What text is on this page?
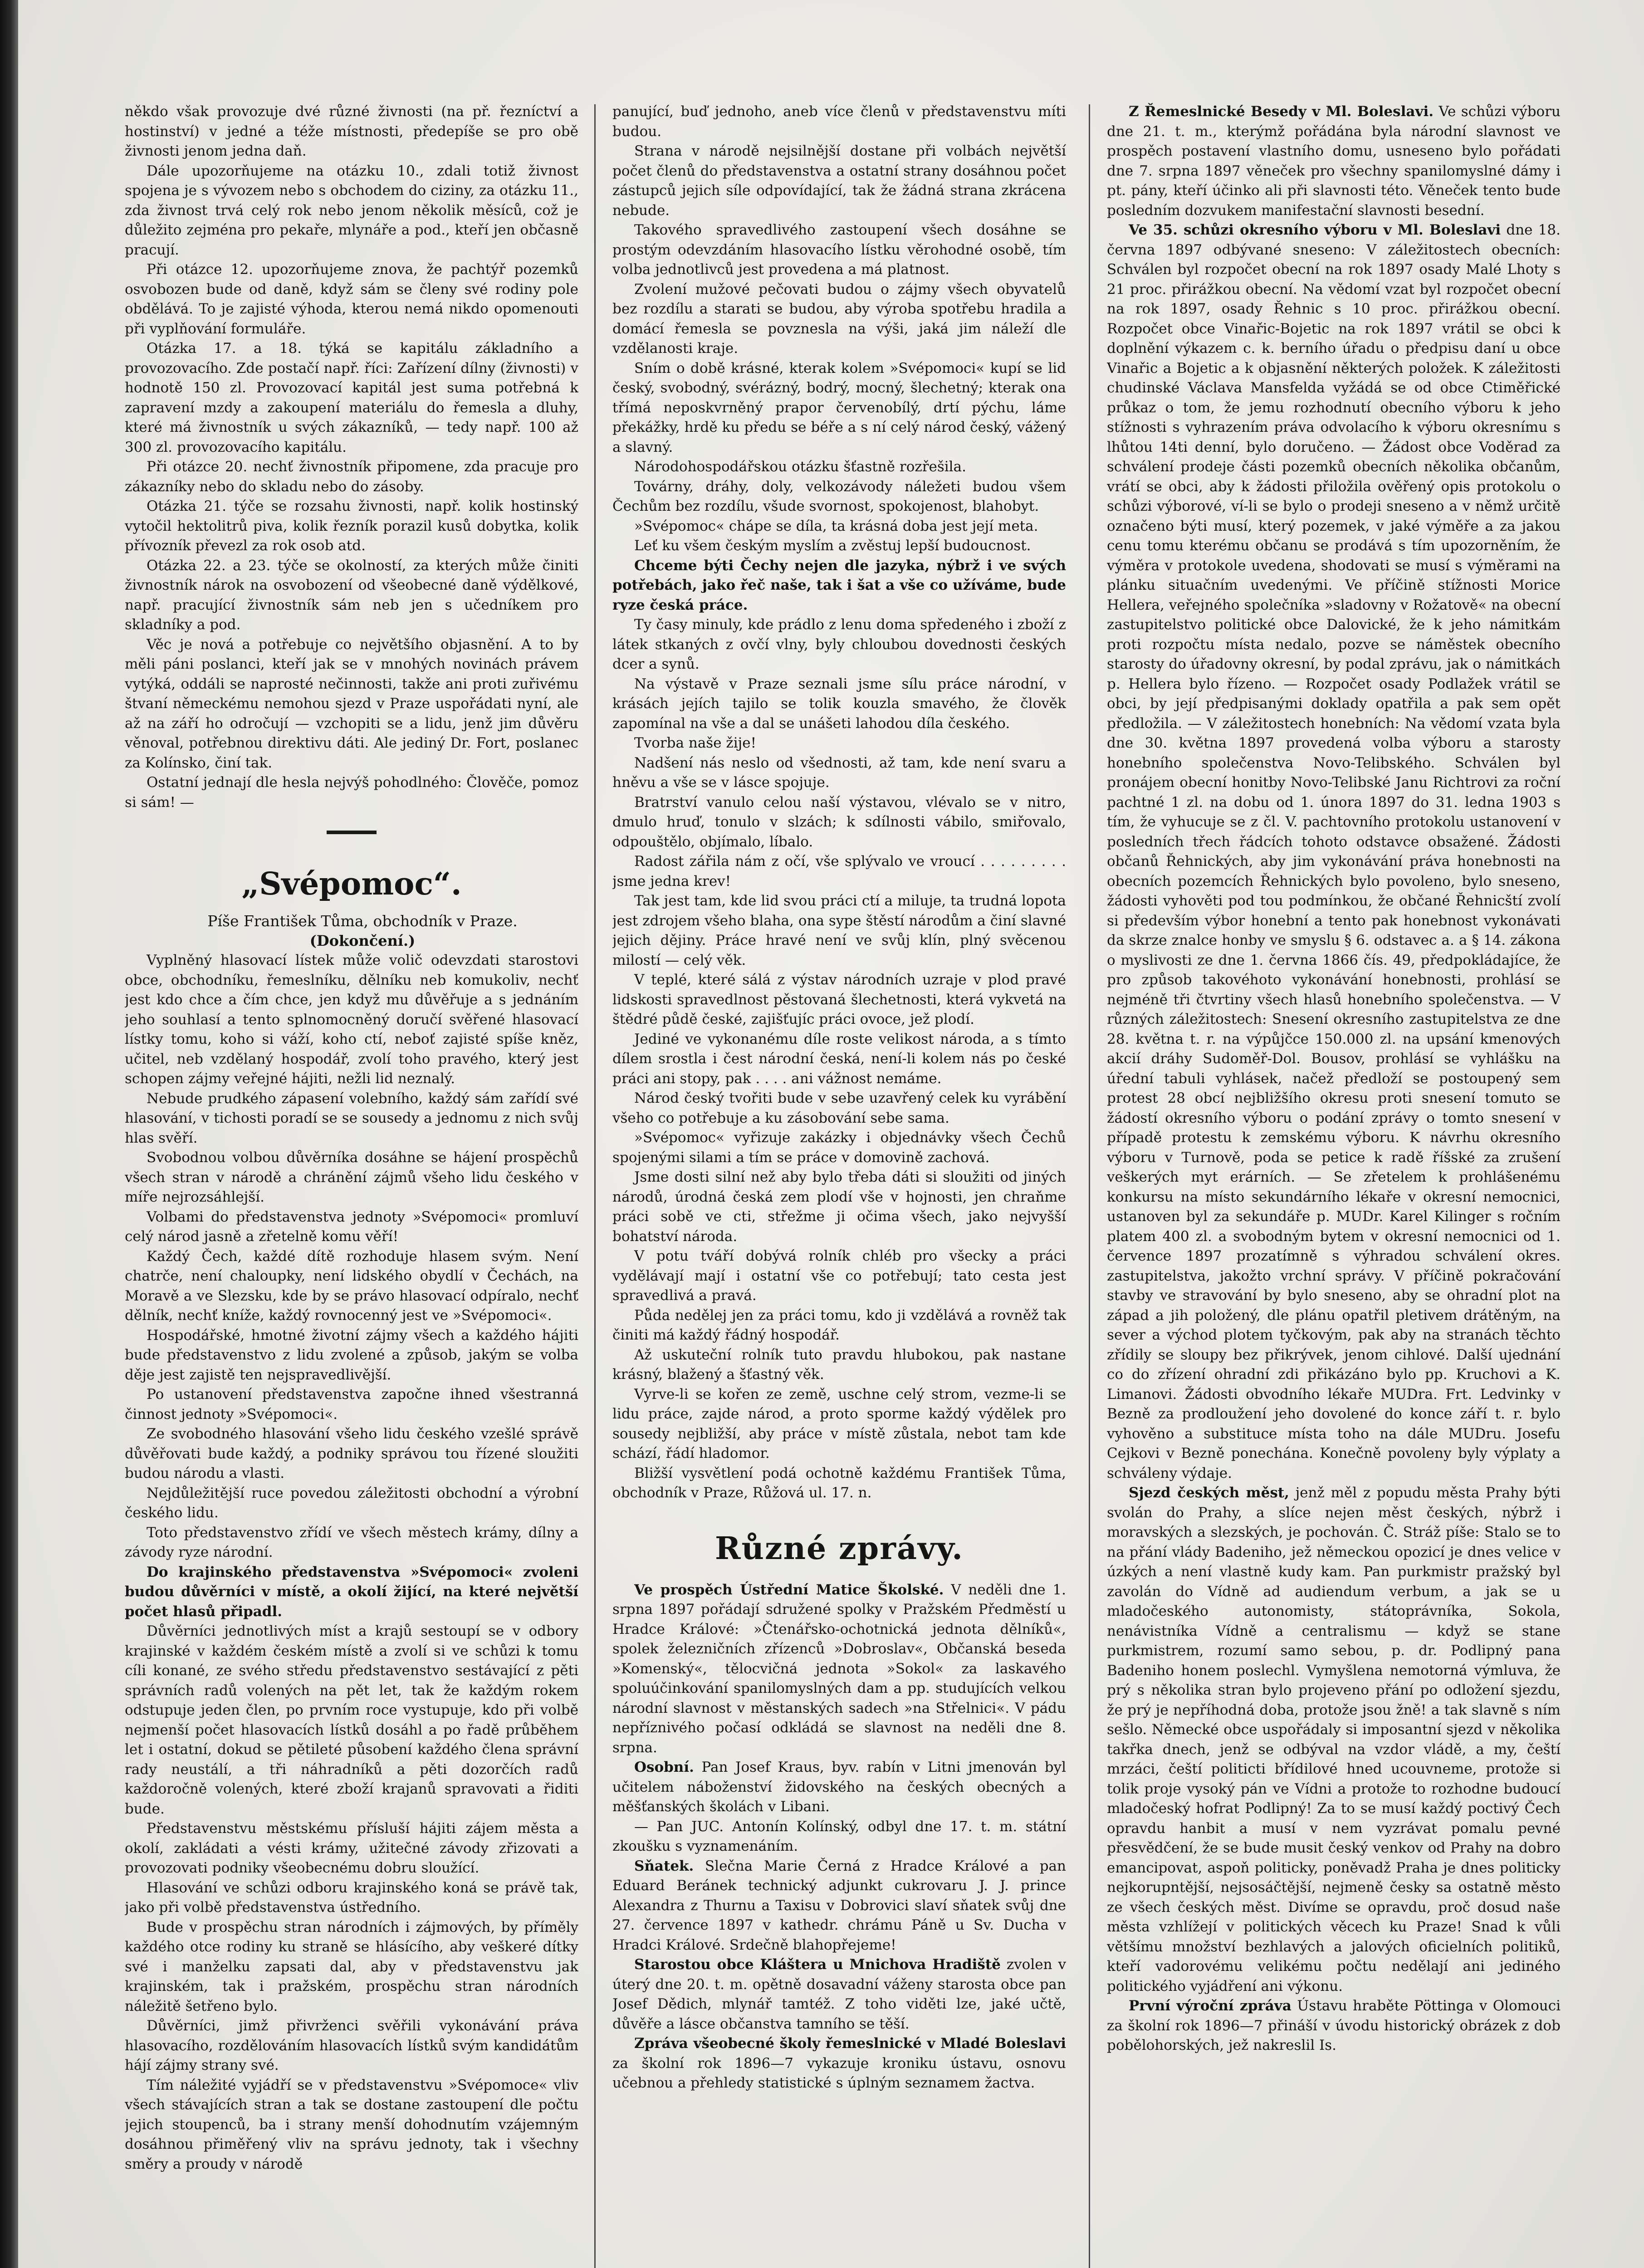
někdo však provozuje dvé různé živnosti (na př. řezníctví a hostinství) v jedné a téže místnosti, předepíše se pro obě živnosti jenom jedna daň.

Dále upozorňujeme na otázku 10., zdali totiž živnost spojena je s vývozem nebo s obchodem do ciziny, za otázku 11., zda živnost trvá celý rok nebo jenom několik měsíců, což je důležito zejména pro pekaře, mlynáře a pod., kteří jen občasně pracují.

Při otázce 12. upozorňujeme znova, že pachtýř pozemků osvobozen bude od daně, když sám se členy své rodiny pole obdělává. To je zajisté výhoda, kterou nemá nikdo opomenouti při vyplňování formuláře.

Otázka 17. a 18. týká se kapitálu základního a provozovacího. Zde postačí např. říci: Zařízení dílny (živnosti) v hodnotě 150 zl. Provozovací kapitál jest suma potřebná k zapravení mzdy a zakoupení materiálu do řemesla a dluhy, které má živnostník u svých zákazníků, — tedy např. 100 až 300 zl. provozovacího kapitálu.

Při otázce 20. nechť živnostník připomene, zda pracuje pro zákazníky nebo do skladu nebo do zásoby.

Otázka 21. týče se rozsahu živnosti, např. kolik hostinský vytočil hektolitrů piva, kolik řezník porazil kusů dobytka, kolik přívozník převezl za rok osob atd.

Otázka 22. a 23. týče se okolností, za kterých může činiti živnostník nárok na osvobození od všeobecné daně výdělkové, např. pracující živnostník sám neb jen s učedníkem pro skladníky a pod.

Věc je nová a potřebuje co největšího objasnění. A to by měli páni poslanci, kteří jak se v mnohých novinách právem vytýká, oddáli se naprosté nečinnosti, takže ani proti zuřivému štvaní německému nemohou sjezd v Praze uspořádati nyní, ale až na září ho odročují — vzchopiti se a lidu, jenž jim důvěru věnoval, potřebnou direktivu dáti. Ale jediný Dr. Fort, poslanec za Kolínsko, činí tak.

Ostatní jednají dle hesla nejvýš pohodlného: Člověče, pomoz si sám! —

„Svépomoc“.

Píše František Tůma, obchodník v Praze.

(Dokončení.)

Vyplněný hlasovací lístek může volič odevzdati starostovi obce, obchodníku, řemeslníku, dělníku neb komukoliv, nechť jest kdo chce a čím chce, jen když mu důvěřuje a s jednáním jeho souhlasí a tento splnomocněný doručí svěřené hlasovací lístky tomu, koho si váží, koho ctí, neboť zajisté spíše kněz, učitel, neb vzdělaný hospodář, zvolí toho pravého, který jest schopen zájmy veřejné hájiti, nežli lid neznalý.

Nebude prudkého zápasení volebního, každý sám zařídí své hlasování, v tichosti poradí se se sousedy a jednomu z nich svůj hlas svěří.

Svobodnou volbou důvěrníka dosáhne se hájení prospěchů všech stran v národě a chránění zájmů všeho lidu českého v míře nejrozsáhlejší.

Volbami do představenstva jednoty »Svépomoci« promluví celý národ jasně a zřetelně komu věří!

Každý Čech, každé dítě rozhoduje hlasem svým. Není chatrče, není chaloupky, není lidského obydlí v Čechách, na Moravě a ve Slezsku, kde by se právo hlasovací odpíralo, nechť dělník, nechť kníže, každý rovnocenný jest ve »Svépomoci«.

Hospodářské, hmotné životní zájmy všech a každého hájiti bude představenstvo z lidu zvolené a způsob, jakým se volba děje jest zajistě ten nejspravedlivější.

Po ustanovení představenstva započne ihned všestranná činnost jednoty »Svépomoci«.

Ze svobodného hlasování všeho lidu českého vzešlé správě důvěřovati bude každý, a podniky správou tou řízené sloužiti budou národu a vlasti.

Nejdůležitější ruce povedou záležitosti obchodní a výrobní českého lidu.

Toto představenstvo zřídí ve všech městech krámy, dílny a závody ryze národní.

Do krajinského představenstva »Svépomoci« zvoleni budou důvěrníci v místě, a okolí žijící, na které největší počet hlasů připadl.

Důvěrníci jednotlivých míst a krajů sestoupí se v odbory krajinské v každém českém místě a zvolí si ve schůzi k tomu cíli konané, ze svého středu představenstvo sestávající z pěti správních radů volených na pět let, tak že každým rokem odstupuje jeden člen, po prvním roce vystupuje, kdo při volbě nejmenší počet hlasovacích lístků dosáhl a po řadě průběhem let i ostatní, dokud se pětileté působení každého člena správní rady neustálí, a tři náhradníků a pěti dozorčích radů každoročně volených, které zboží krajanů spravovati a řiditi bude.

Představenstvu městskému přísluší hájiti zájem města a okolí, zakládati a vésti krámy, užitečné závody zřizovati a provozovati podniky všeobecnému dobru sloužící.

Hlasování ve schůzi odboru krajinského koná se právě tak, jako při volbě představenstva ústředního.

Bude v prospěchu stran národních i zájmových, by příměly každého otce rodiny ku straně se hlásícího, aby veškeré dítky své i manželku zapsati dal, aby v představenstvu jak krajinském, tak i pražském, prospěchu stran národních náležitě šetřeno bylo.

Důvěrníci, jimž přivrženci svěřili vykonávání práva hlasovacího, rozdělováním hlasovacích lístků svým kandidátům hájí zájmy strany své.

Tím náležité vyjádří se v představenstvu »Svépomoce« vliv všech stávajících stran a tak se dostane zastoupení dle počtu jejich stoupenců, ba i strany menší dohodnutím vzájemným dosáhnou přiměřený vliv na správu jednoty, tak i všechny směry a proudy v národě

panující, buď jednoho, aneb více členů v představenstvu míti budou.

Strana v národě nejsilnější dostane při volbách největší počet členů do představenstva a ostatní strany dosáhnou počet zástupců jejich síle odpovídající, tak že žádná strana zkrácena nebude.

Takového spravedlivého zastoupení všech dosáhne se prostým odevzdáním hlasovacího lístku věrohodné osobě, tím volba jednotlivců jest provedena a má platnost.

Zvolení mužové pečovati budou o zájmy všech obyvatelů bez rozdílu a starati se budou, aby výroba spotřebu hradila a domácí řemesla se povznesla na výši, jaká jim náleží dle vzdělanosti kraje.

Sním o době krásné, kterak kolem »Svépomoci« kupí se lid český, svobodný, svérázný, bodrý, mocný, šlechetný; kterak ona třímá neposkvrněný prapor červenobílý, drtí pýchu, láme překážky, hrdě ku předu se béře a s ní celý národ český, vážený a slavný.

Národohospodářskou otázku šťastně rozřešila.

Továrny, dráhy, doly, velkozávody náležeti budou všem Čechům bez rozdílu, všude svornost, spokojenost, blahobyt.

»Svépomoc« chápe se díla, ta krásná doba jest její meta.

Leť ku všem českým myslím a zvěstuj lepší budoucnost.

Chceme býti Čechy nejen dle jazyka, nýbrž i ve svých potřebách, jako řeč naše, tak i šat a vše co užíváme, bude ryze česká práce.

Ty časy minuly, kde prádlo z lenu doma spředeného i zboží z látek stkaných z ovčí vlny, byly chloubou dovednosti českých dcer a synů.

Na výstavě v Praze seznali jsme sílu práce národní, v krásách jejích tajilo se tolik kouzla smavého, že člověk zapomínal na vše a dal se unášeti lahodou díla českého.

Tvorba naše žije!

Nadšení nás neslo od všednosti, až tam, kde není svaru a hněvu a vše se v lásce spojuje.

Bratrství vanulo celou naší výstavou, vlévalo se v nitro, dmulo hruď, tonulo v slzách; k sdílnosti vábilo, smiřovalo, odpouštělo, objímalo, líbalo.

Radost zářila nám z očí, vše splývalo ve vroucí . . . . . . . . . jsme jedna krev!

Tak jest tam, kde lid svou práci ctí a miluje, ta trudná lopota jest zdrojem všeho blaha, ona sype štěstí národům a činí slavné jejich dějiny. Práce hravé není ve svůj klín, plný svěcenou milostí — celý věk.

V teplé, které sálá z výstav národních uzraje v plod pravé lidskosti spravedlnost pěstovaná šlechetnosti, která vykvetá na štědré půdě české, zajišťujíc práci ovoce, jež plodí.

Jediné ve vykonanému díle roste velikost národa, a s tímto dílem srostla i čest národní česká, není-li kolem nás po české práci ani stopy, pak . . . . ani vážnost nemáme.

Národ český tvořiti bude v sebe uzavřený celek ku vyrábění všeho co potřebuje a ku zásobování sebe sama.

»Svépomoc« vyřizuje zakázky i objednávky všech Čechů spojenými silami a tím se práce v domovině zachová.

Jsme dosti silní než aby bylo třeba dáti si sloužiti od jiných národů, úrodná česká zem plodí vše v hojnosti, jen chraňme práci sobě ve cti, střežme ji očima všech, jako nejvyšší bohatství národa.

V potu tváří dobývá rolník chléb pro všecky a práci vydělávají mají i ostatní vše co potřebují; tato cesta jest spravedlivá a pravá.

Půda nedělej jen za práci tomu, kdo ji vzdělává a rovněž tak činiti má každý řádný hospodář.

Až uskuteční rolník tuto pravdu hlubokou, pak nastane krásný, blažený a šťastný věk.

Vyrve-li se kořen ze země, uschne celý strom, vezme-li se lidu práce, zajde národ, a proto sporme každý výdělek pro sousedy nejbližší, aby práce v místě zůstala, nebot tam kde schází, řádí hladomor.

Bližší vysvětlení podá ochotně každému František Tůma, obchodník v Praze, Růžová ul. 17. n.

Různé zprávy.

Ve prospěch Ústřední Matice Školské. V neděli dne 1. srpna 1897 pořádají sdružené spolky v Pražském Předměstí u Hradce Králové: »Čtenářsko-ochotnická jednota dělníků«, spolek železničních zřízenců »Dobroslav«, Občanská beseda »Komenský«, tělocvičná jednota »Sokol« za laskavého spoluúčinkování spanilomyslných dam a pp. studujících velkou národní slavnost v městanských sadech »na Střelnici«. V pádu nepříznivého počasí odkládá se slavnost na neděli dne 8. srpna.

Osobní. Pan Josef Kraus, byv. rabín v Litni jmenován byl učitelem náboženství židovského na českých obecných a měšťanských školách v Libani.

— Pan JUC. Antonín Kolínský, odbyl dne 17. t. m. státní zkoušku s vyznamenáním.

Sňatek. Slečna Marie Černá z Hradce Králové a pan Eduard Beránek technický adjunkt cukrovaru J. J. prince Alexandra z Thurnu a Taxisu v Dobrovici slaví sňatek svůj dne 27. července 1897 v kathedr. chrámu Páně u Sv. Ducha v Hradci Králové. Srdečně blahopřejeme!

Starostou obce Kláštera u Mnichova Hradiště zvolen v úterý dne 20. t. m. opětně dosavadní váženy starosta obce pan Josef Dědich, mlynář tamtéž. Z toho viděti lze, jaké učtě, důvěře a lásce občanstva tamního se těší.

Zpráva všeobecné školy řemeslnické v Mladé Boleslavi za školní rok 1896—7 vykazuje kroniku ústavu, osnovu učebnou a přehledy statistické s úplným seznamem žactva.

Z Řemeslnické Besedy v Ml. Boleslavi. Ve schůzi výboru dne 21. t. m., kterýmž pořádána byla národní slavnost ve prospěch postavení vlastního domu, usneseno bylo pořádati dne 7. srpna 1897 věneček pro všechny spanilomyslné dámy i pt. pány, kteří účinko ali při slavnosti této. Věneček tento bude posledním dozvukem manifestační slavnosti besední.

Ve 35. schůzi okresního výboru v Ml. Boleslavi dne 18. června 1897 odbývané sneseno: V záležitostech obecních: Schválen byl rozpočet obecní na rok 1897 osady Malé Lhoty s 21 proc. přirážkou obecní. Na vědomí vzat byl rozpočet obecní na rok 1897, osady Řehnic s 10 proc. přirážkou obecní. Rozpočet obce Vinařic-Bojetic na rok 1897 vrátil se obci k doplnění výkazem c. k. berního úřadu o předpisu daní u obce Vinařic a Bojetic a k objasnění některých položek. K záležitosti chudinské Václava Mansfelda vyžádá se od obce Ctiměřické průkaz o tom, že jemu rozhodnutí obecního výboru k jeho stížnosti s vyhrazením práva odvolacího k výboru okresnímu s lhůtou 14ti denní, bylo doručeno. — Žádost obce Voděrad za schválení prodeje části pozemků obecních několika občanům, vrátí se obci, aby k žádosti přiložila ověřený opis protokolu o schůzi výborové, ví-li se bylo o prodeji sneseno a v němž určitě označeno býti musí, který pozemek, v jaké výměře a za jakou cenu tomu kterému občanu se prodává s tím upozorněním, že výměra v protokole uvedena, shodovati se musí s výměrami na plánku situačním uvedenými. Ve příčině stížnosti Morice Hellera, veřejného společníka »sladovny v Rožatově« na obecní zastupitelstvo politické obce Dalovické, že k jeho námitkám proti rozpočtu místa nedalo, pozve se náměstek obecního starosty do úřadovny okresní, by podal zprávu, jak o námitkách p. Hellera bylo řízeno. — Rozpočet osady Podlažek vrátil se obci, by její předpisanými doklady opatřila a pak sem opět předložila. — V záležitostech honebních: Na vědomí vzata byla dne 30. května 1897 provedená volba výboru a starosty honebního společenstva Novo-Telibského. Schválen byl pronájem obecní honitby Novo-Telibské Janu Richtrovi za roční pachtné 1 zl. na dobu od 1. února 1897 do 31. ledna 1903 s tím, že vyhucuje se z čl. V. pachtovního protokolu ustanovení v posledních třech řádcích tohoto odstavce obsažené. Žádosti občanů Řehnických, aby jim vykonávání práva honebnosti na obecních pozemcích Řehnických bylo povoleno, bylo sneseno, žádosti vyhověti pod tou podmínkou, že občané Řehnicští zvolí si především výbor honební a tento pak honebnost vykonávati da skrze znalce honby ve smyslu § 6. odstavec a. a § 14. zákona o myslivosti ze dne 1. června 1866 čís. 49, předpokládajíce, že pro způsob takovéhoto vykonávání honebnosti, prohlásí se nejméně tři čtvrtiny všech hlasů honebního společenstva. — V různých záležitostech: Snesení okresního zastupitelstva ze dne 28. května t. r. na výpůjčce 150.000 zl. na upsání kmenových akcií dráhy Sudoměř-Dol. Bousov, prohlásí se vyhlášku na úřední tabuli vyhlásek, načež předloží se postoupený sem protest 28 obcí nejbližšího okresu proti snesení tomuto se žádostí okresního výboru o podání zprávy o tomto snesení v případě protestu k zemskému výboru. K návrhu okresního výboru v Turnově, poda se petice k radě říšské za zrušení veškerých myt erárních. — Se zřetelem k prohlášenému konkursu na místo sekundárního lékaře v okresní nemocnici, ustanoven byl za sekundáře p. MUDr. Karel Kilinger s ročním platem 400 zl. a svobodným bytem v okresní nemocnici od 1. července 1897 prozatímně s výhradou schválení okres. zastupitelstva, jakožto vrchní správy. V příčině pokračování stavby ve stravování by bylo sneseno, aby se ohradní plot na západ a jih položený, dle plánu opatřil pletivem drátěným, na sever a východ plotem tyčkovým, pak aby na stranách těchto zřídily se sloupy bez přikrývek, jenom cihlové. Další ujednání co do zřízení ohradní zdi přikázáno bylo pp. Kruchovi a K. Limanovi. Žádosti obvodního lékaře MUDra. Frt. Ledvinky v Bezně za prodloužení jeho dovolené do konce září t. r. bylo vyhověno a substituce místa toho na dále MUDru. Josefu Cejkovi v Bezně ponechána. Konečně povoleny byly výplaty a schváleny výdaje.

Sjezd českých měst, jenž měl z popudu města Prahy býti svolán do Prahy, a slíce nejen měst českých, nýbrž i moravských a slezských, je pochován. Č. Stráž píše: Stalo se to na přání vlády Badeniho, jež německou opozicí je dnes velice v úzkých a není vlastně kudy kam. Pan purkmistr pražský byl zavolán do Vídně ad audiendum verbum, a jak se u mladočeského autonomisty, státoprávníka, Sokola, nenávistníka Vídně a centralismu — když se stane purkmistrem, rozumí samo sebou, p. dr. Podlipný pana Badeniho honem poslechl. Vymyšlena nemotorná výmluva, že prý s několika stran bylo projeveno přání po odložení sjezdu, že prý je nepříhodná doba, protože jsou žně! a tak slavně s ním sešlo. Německé obce uspořádaly si imposantní sjezd v několika takřka dnech, jenž se odbýval na vzdor vládě, a my, čeští mrzáci, čeští politicti břídilové hned ucouvneme, protože si tolik proje vysoký pán ve Vídni a protože to rozhodne budoucí mladočeský hofrat Podlipný! Za to se musí každý poctivý Čech opravdu hanbit a musí v nem vyzrávat pomalu pevné přesvědčení, že se bude musit český venkov od Prahy na dobro emancipovat, aspoň politicky, poněvadž Praha je dnes politicky nejkorupntější, nejsosáčtější, nejmeně česky sa ostatně město ze všech českých měst. Divíme se opravdu, proč dosud naše města vzhlížejí v politických věcech ku Praze! Snad k vůli většímu množství bezhlavých a jalových oficielních politiků, kteří vadorovému velikému počtu nedělají ani jediného politického vyjádření ani výkonu.

První výroční zpráva Ústavu hraběte Pöttinga v Olomouci za školní rok 1896—7 přináší v úvodu historický obrázek z dob pobělohorských, jež nakreslil Is.
